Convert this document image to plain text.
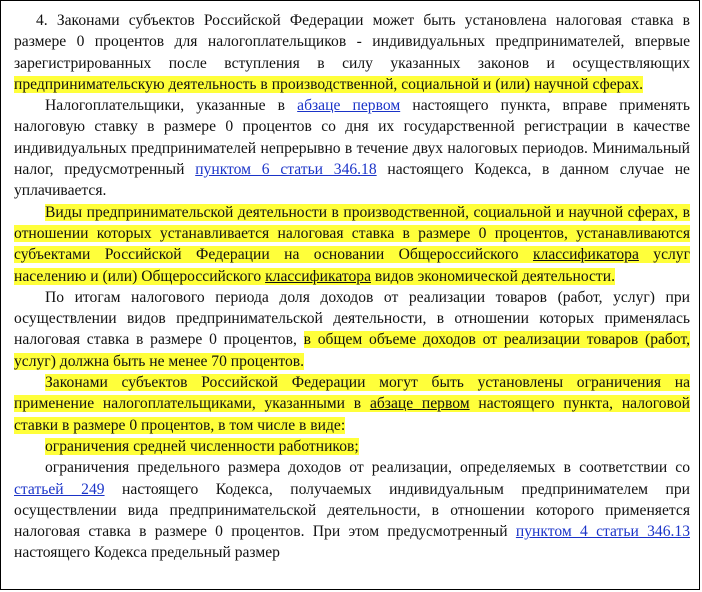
4. Законами субъектов Российской Федерации может быть установлена налоговая ставка в размере 0 процентов для налогоплательщиков - индивидуальных предпринимателей, впервые зарегистрированных после вступления в силу указанных законов и осуществляющих предпринимательскую деятельность в производственной, социальной и (или) научной сферах.

Налогоплательщики, указанные в абзаце первом настоящего пункта, вправе применять налоговую ставку в размере 0 процентов со дня их государственной регистрации в качестве индивидуальных предпринимателей непрерывно в течение двух налоговых периодов. Минимальный налог, предусмотренный пунктом 6 статьи 346.18 настоящего Кодекса, в данном случае не уплачивается.

Виды предпринимательской деятельности в производственной, социальной и научной сферах, в отношении которых устанавливается налоговая ставка в размере 0 процентов, устанавливаются субъектами Российской Федерации на основании Общероссийского классификатора услуг населению и (или) Общероссийского классификатора видов экономической деятельности.

По итогам налогового периода доля доходов от реализации товаров (работ, услуг) при осуществлении видов предпринимательской деятельности, в отношении которых применялась налоговая ставка в размере 0 процентов, в общем объеме доходов от реализации товаров (работ, услуг) должна быть не менее 70 процентов.

Законами субъектов Российской Федерации могут быть установлены ограничения на применение налогоплательщиками, указанными в абзаце первом настоящего пункта, налоговой ставки в размере 0 процентов, в том числе в виде:

ограничения средней численности работников;

ограничения предельного размера доходов от реализации, определяемых в соответствии со статьей 249 настоящего Кодекса, получаемых индивидуальным предпринимателем при осуществлении вида предпринимательской деятельности, в отношении которого применяется налоговая ставка в размере 0 процентов. При этом предусмотренный пунктом 4 статьи 346.13 настоящего Кодекса предельный размер
